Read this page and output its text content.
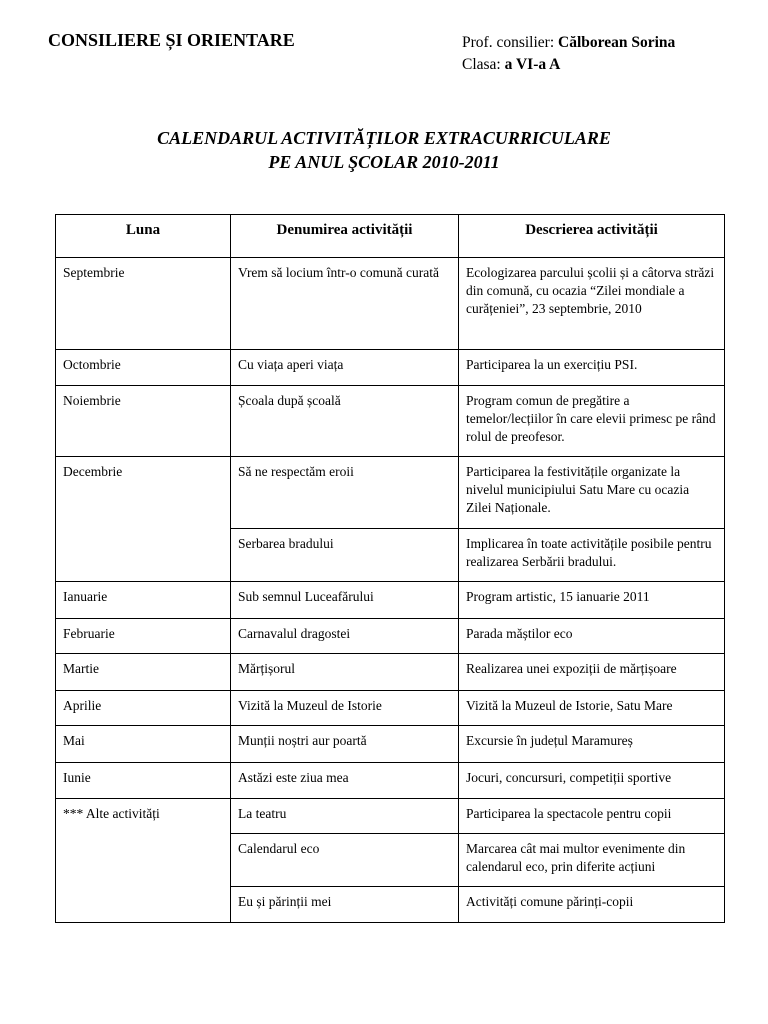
CONSILIERE ȘI ORIENTARE	Prof. consilier: Călborean Sorina
Clasa: a VI-a A
CALENDARUL ACTIVITĂȚILOR EXTRACURRICULARE
PE ANUL ŞCOLAR 2010-2011
Luna	Denumirea activității	Descrierea activității
Septembrie	Vrem să locium într-o comună curată	Ecologizarea parcului școlii și a câtorva străzi din comună, cu ocazia “Zilei mondiale a curățeniei”, 23 septembrie, 2010
Octombrie	Cu viața aperi viața	Participarea la un exercițiu PSI.
Noiembrie	Școala după școală	Program comun de pregătire a temelor/lecțiilor în care elevii primesc pe rând rolul de preofesor.
Decembrie	Să ne respectăm eroii	Participarea la festivitățile organizate la nivelul municipiului Satu Mare cu ocazia Zilei Naționale.
	Serbarea bradului	Implicarea în toate activitățile posibile pentru realizarea Serbării bradului.
Ianuarie	Sub semnul Luceafărului	Program artistic, 15 ianuarie 2011
Februarie	Carnavalul dragostei	Parada măștilor eco
Martie	Mărțișorul	Realizarea unei expoziții de mărțișoare
Aprilie	Vizită la Muzeul de Istorie	Vizită la Muzeul de Istorie, Satu Mare
Mai	Munții noștri aur poartă	Excursie în județul Maramureș
Iunie	Astăzi este ziua mea	Jocuri, concursuri, competiții sportive
*** Alte activități	La teatru	Participarea la spectacole pentru copii
	Calendarul eco	Marcarea cât mai multor evenimente din calendarul eco, prin diferite acțiuni
	Eu și părinții mei	Activități comune părinți-copii
